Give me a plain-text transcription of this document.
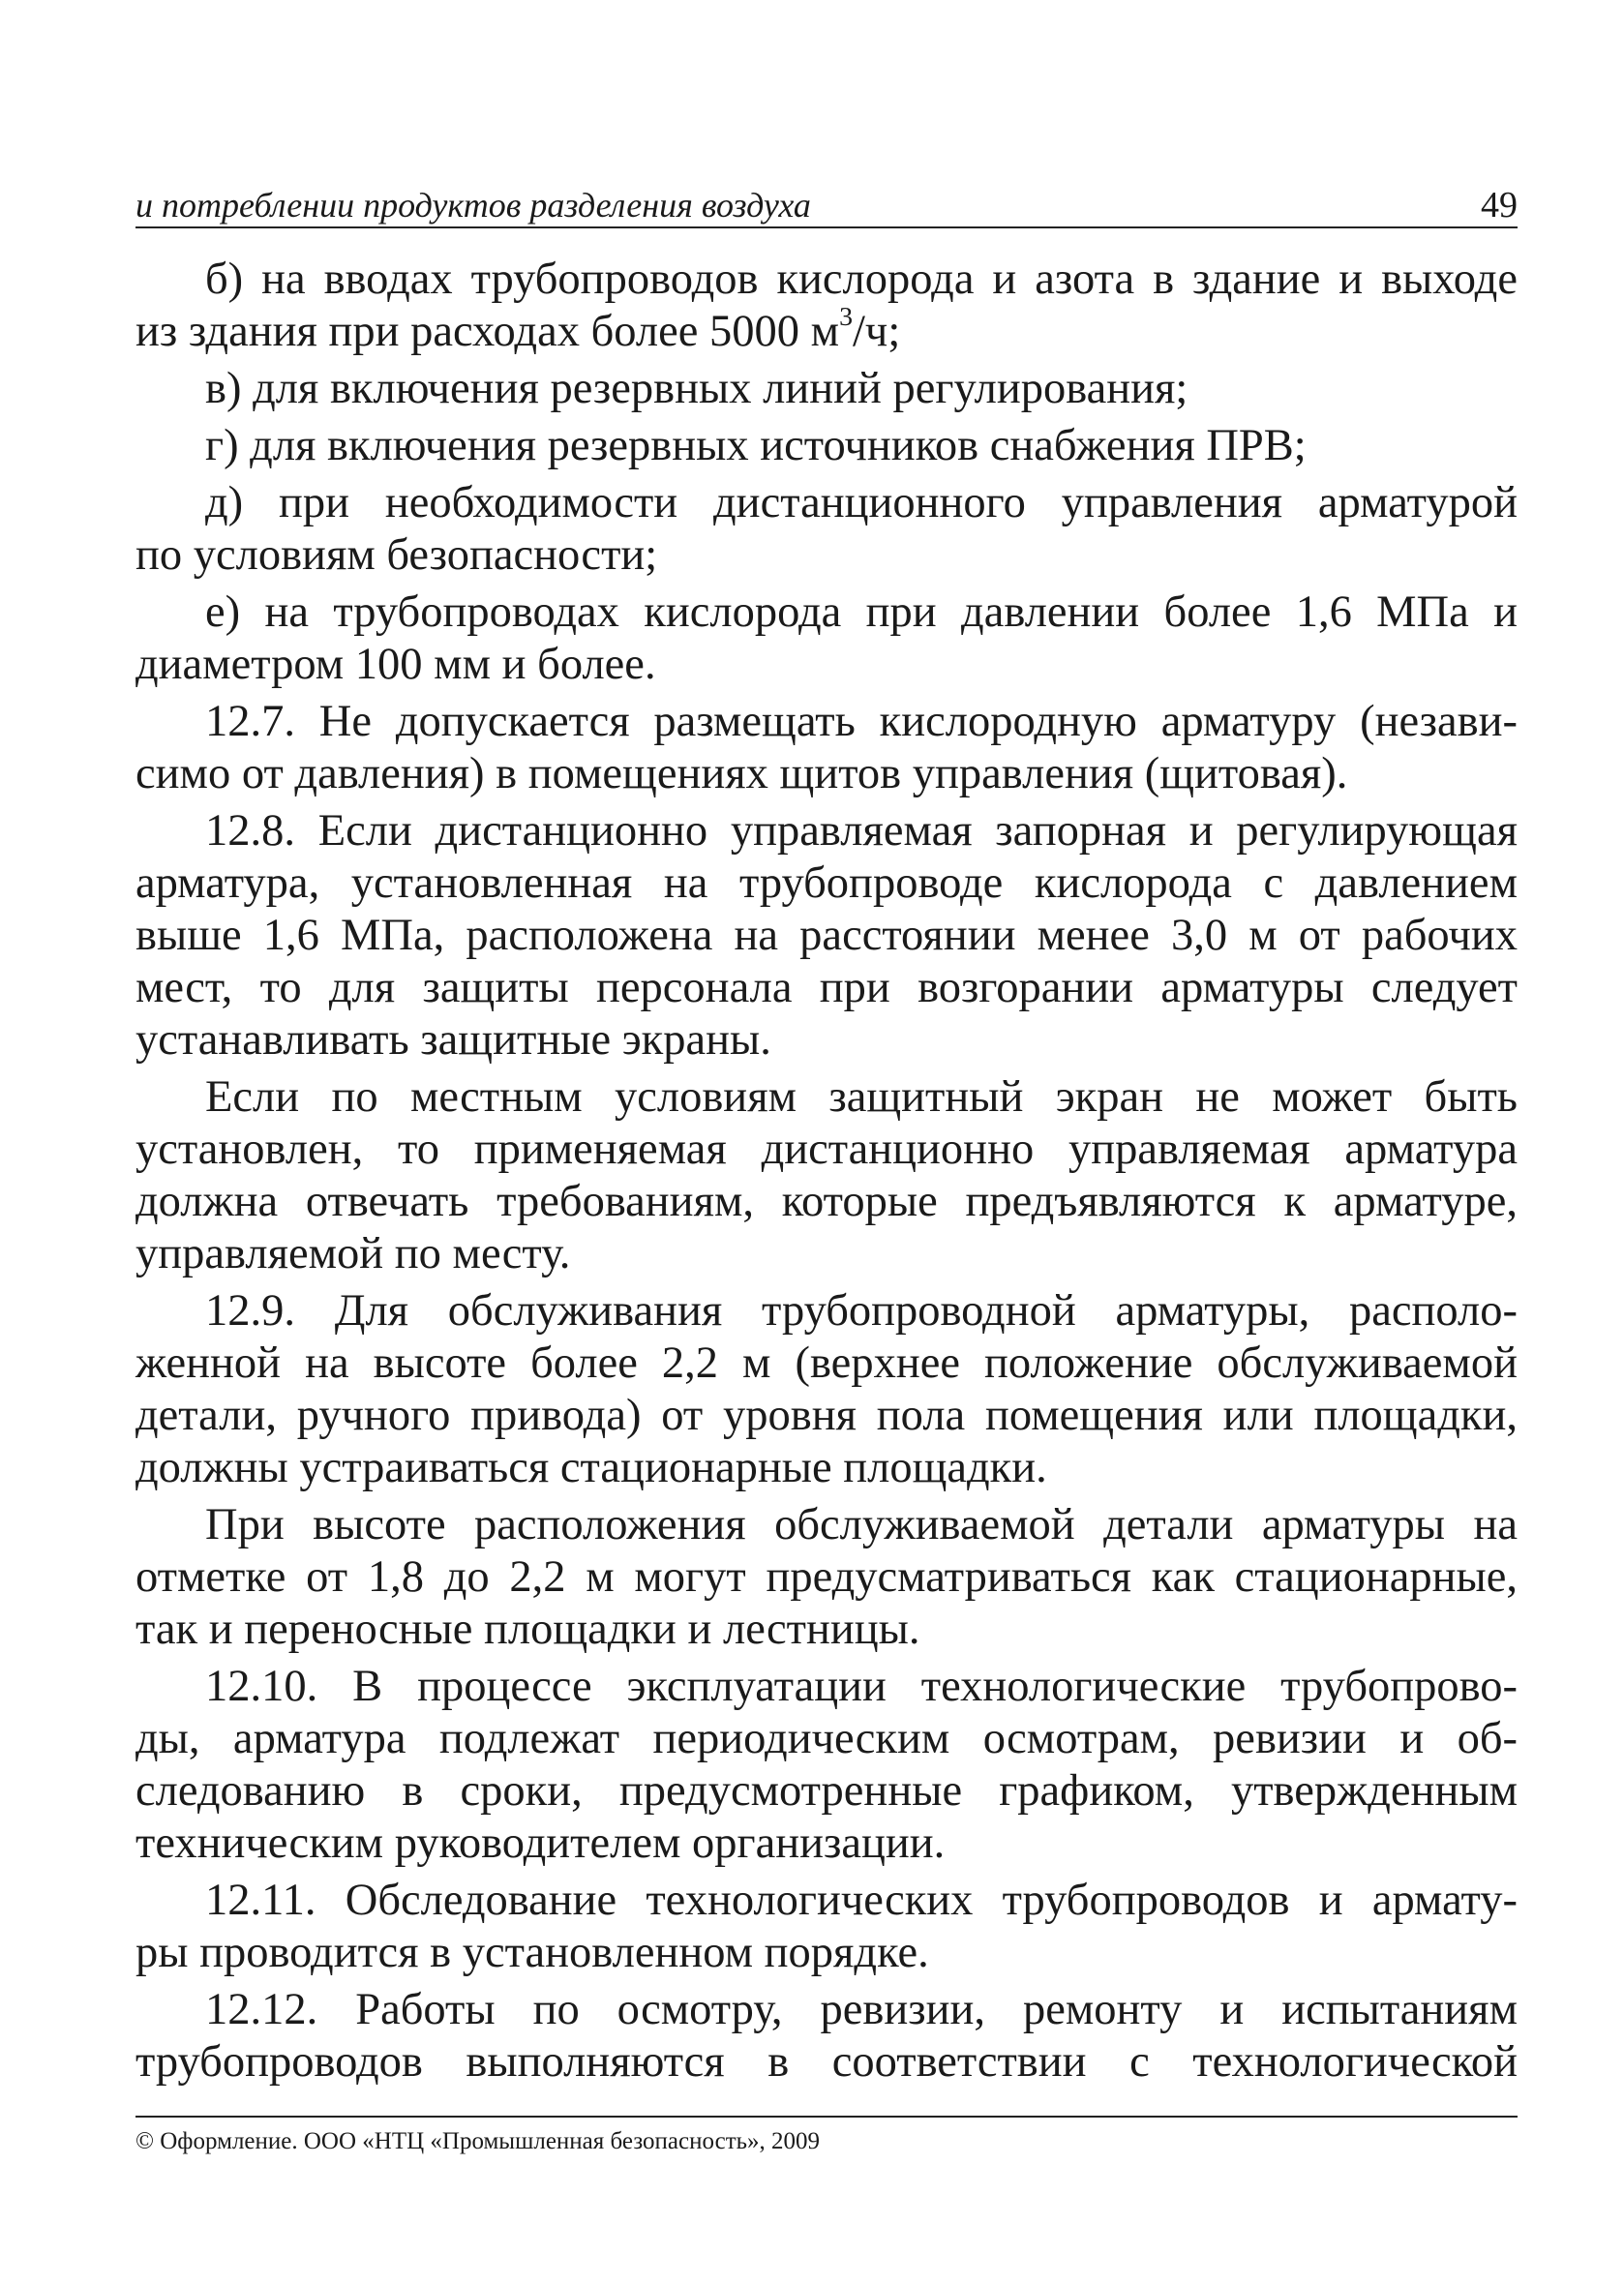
и потреблении продуктов разделения воздуха	49
б) на вводах трубопроводов кислорода и азота в здание и выходе
из здания при расходах более 5000 $м^3/ч$;
в) для включения резервных линий регулирования;
г) для включения резервных источников снабжения ПРВ;
д) при необходимости дистанционного управления арматурой
по условиям безопасности;
е) на трубопроводах кислорода при давлении более 1,6 МПа и
диаметром 100 мм и более.
12.7. Не допускается размещать кислородную арматуру (незави-
симо от давления) в помещениях щитов управления (щитовая).
12.8. Если дистанционно управляемая запорная и регулирующая
арматура, установленная на трубопроводе кислорода с давлением
выше 1,6 МПа, расположена на расстоянии менее 3,0 м от рабочих
мест, то для защиты персонала при возгорании арматуры следует
устанавливать защитные экраны.
Если по местным условиям защитный экран не может быть
установлен, то применяемая дистанционно управляемая арматура
должна отвечать требованиям, которые предъявляются к арматуре,
управляемой по месту.
12.9. Для обслуживания трубопроводной арматуры, располо-
женной на высоте более 2,2 м (верхнее положение обслуживаемой
детали, ручного привода) от уровня пола помещения или площадки,
должны устраиваться стационарные площадки.
При высоте расположения обслуживаемой детали арматуры на
отметке от 1,8 до 2,2 м могут предусматриваться как стационарные,
так и переносные площадки и лестницы.
12.10. В процессе эксплуатации технологические трубопрово-
ды, арматура подлежат периодическим осмотрам, ревизии и об-
следованию в сроки, предусмотренные графиком, утвержденным
техническим руководителем организации.
12.11. Обследование технологических трубопроводов и армату-
ры проводится в установленном порядке.
12.12. Работы по осмотру, ревизии, ремонту и испытаниям
трубопроводов выполняются в соответствии с технологической
© Оформление. ООО «НТЦ «Промышленная безопасность», 2009
